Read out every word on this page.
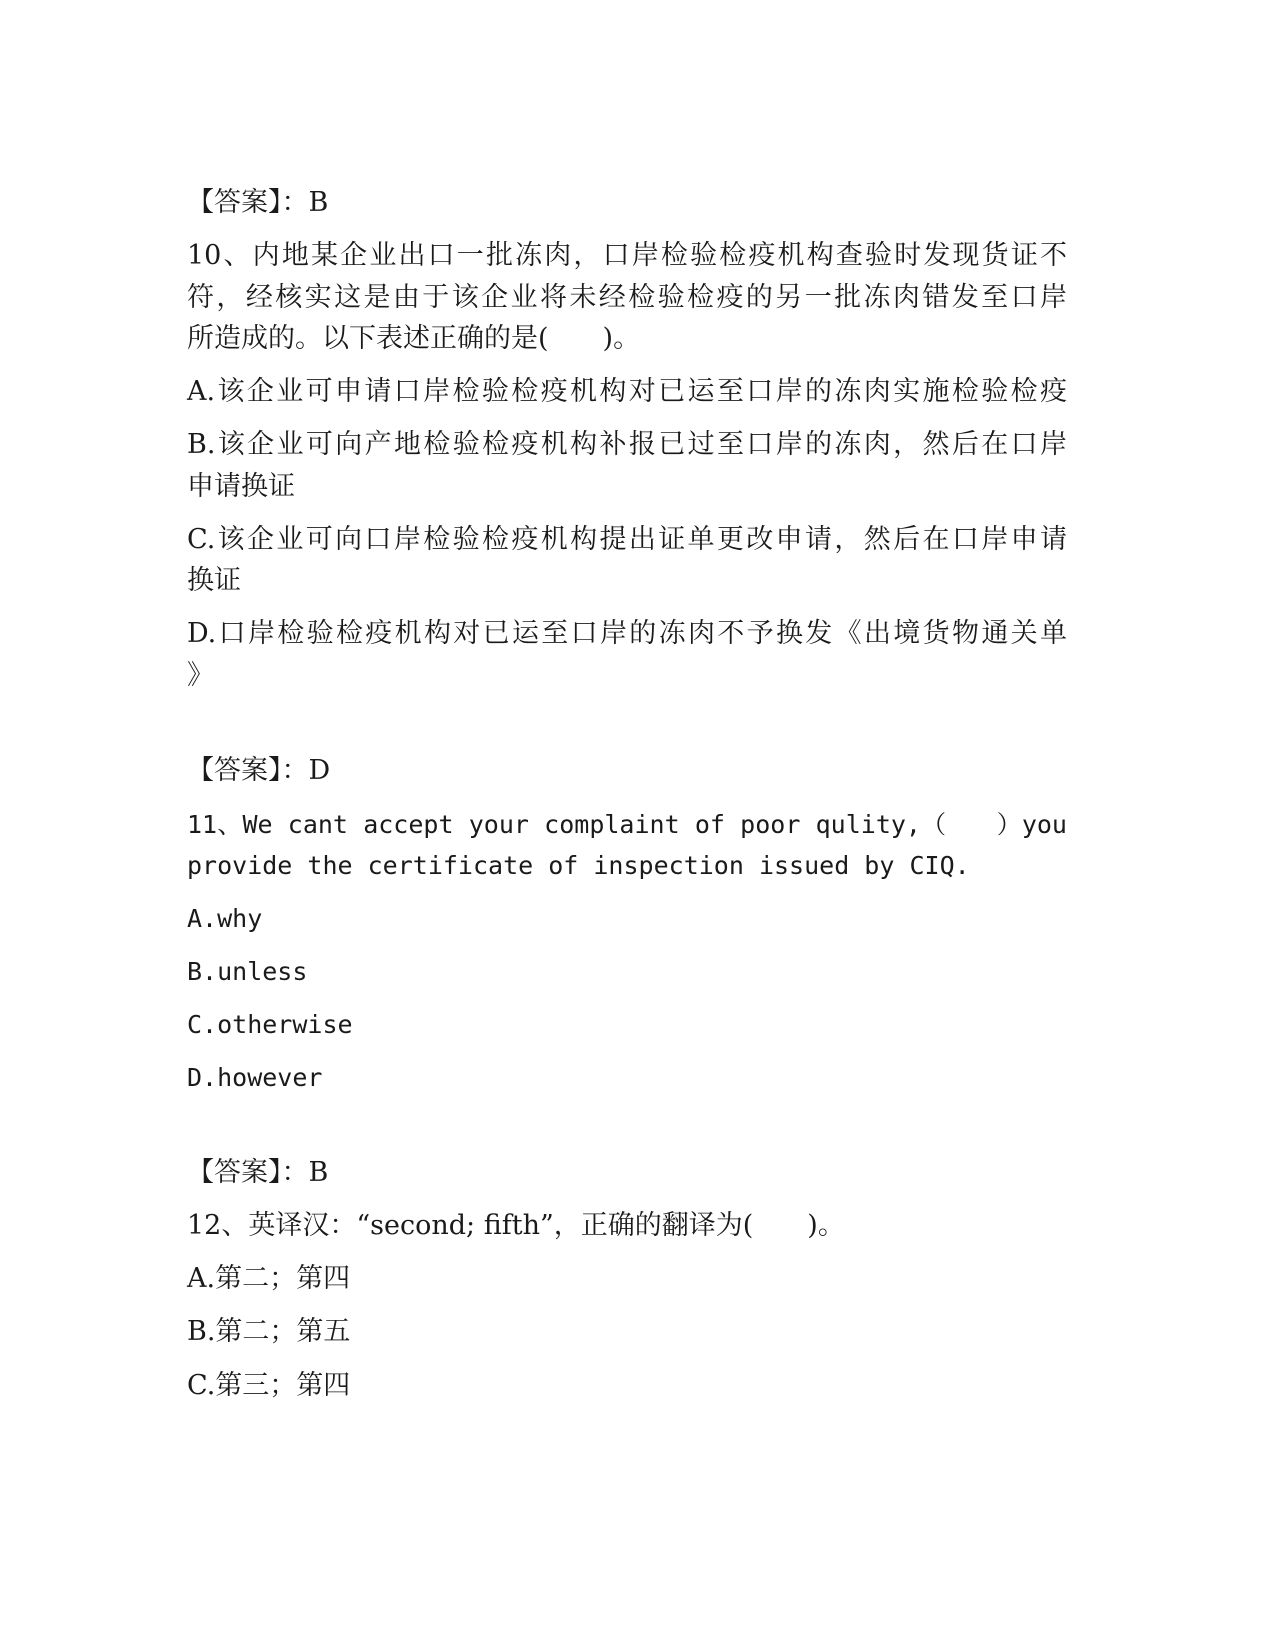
【答案】：B
10、内地某企业出口一批冻肉，口岸检验检疫机构查验时发现货证不
符，经核实这是由于该企业将未经检验检疫的另一批冻肉错发至口岸
所造成的。以下表述正确的是(　　)。
A.该企业可申请口岸检验检疫机构对已运至口岸的冻肉实施检验检疫
B.该企业可向产地检验检疫机构补报已过至口岸的冻肉，然后在口岸
申请换证
C.该企业可向口岸检验检疫机构提出证单更改申请，然后在口岸申请
换证
D.口岸检验检疫机构对已运至口岸的冻肉不予换发《出境货物通关单
》
【答案】：D
11、We cant accept your complaint of poor qulity,（　　）you
provide the certificate of inspection issued by CIQ.
A.why
B.unless
C.otherwise
D.however
【答案】：B
12、英译汉：“second; fifth”，正确的翻译为(　　)。
A.第二；第四
B.第二；第五
C.第三；第四
